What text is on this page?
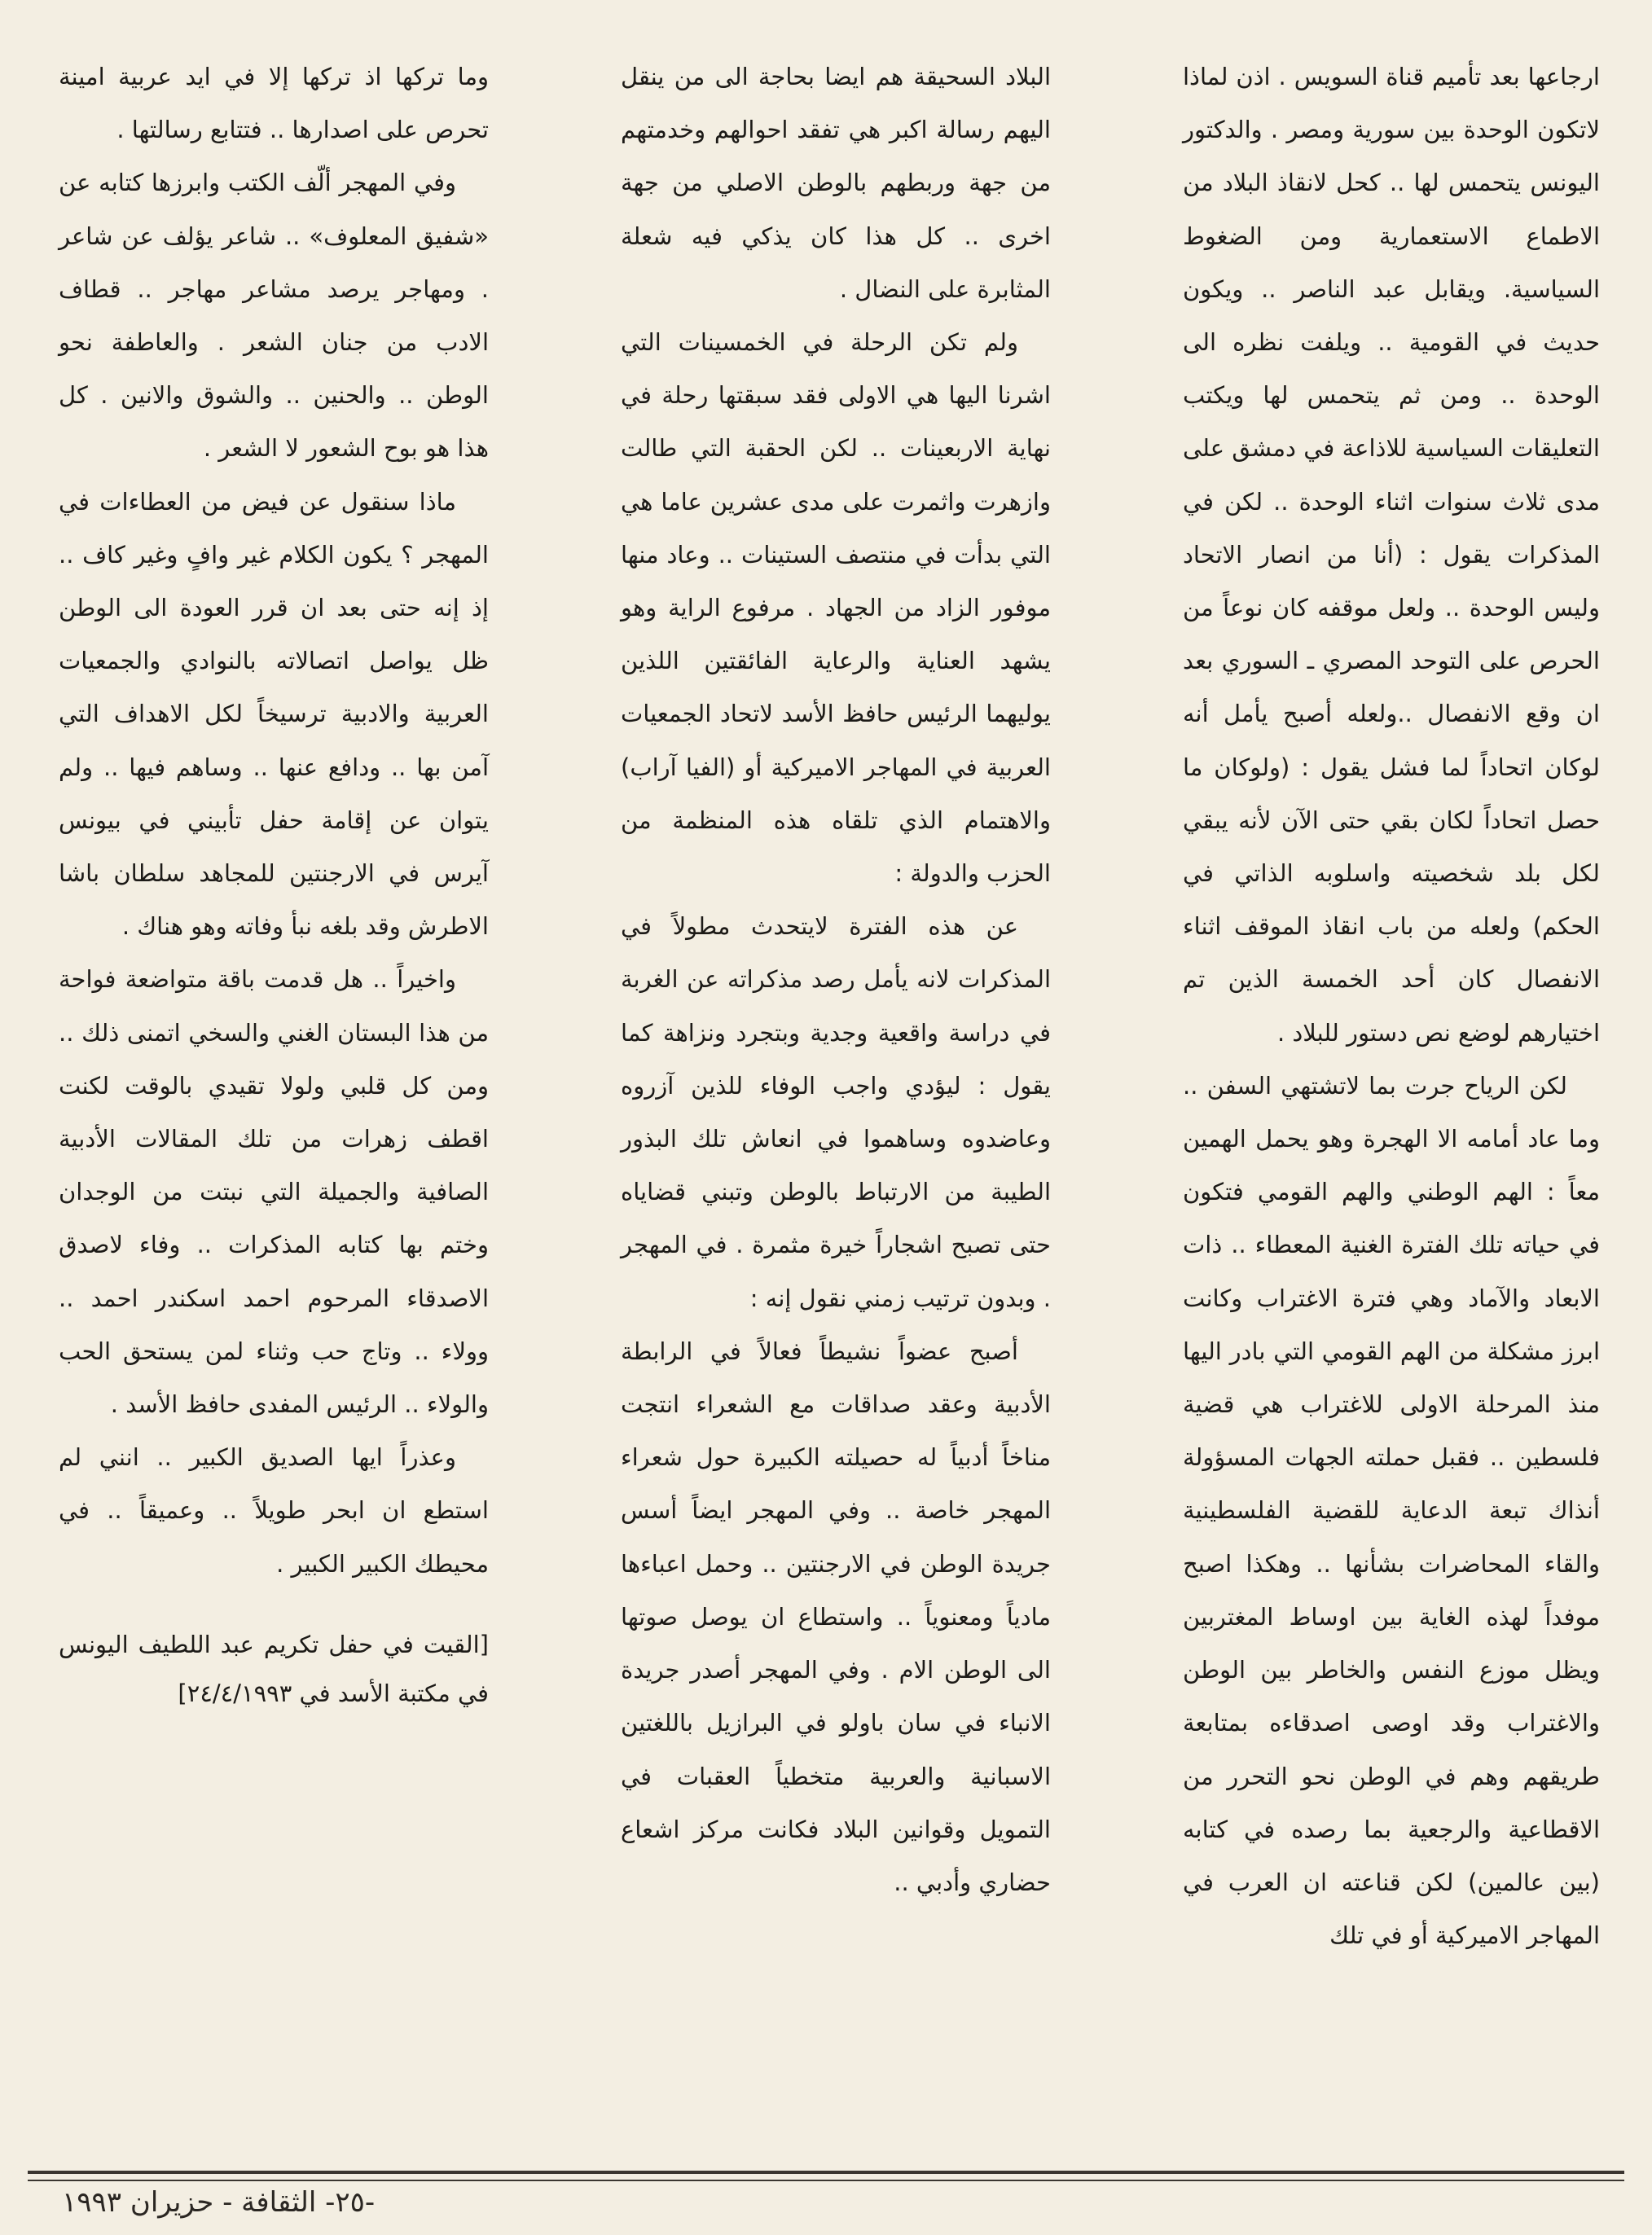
ارجاعها بعد تأميم قناة السويس . اذن لماذا لاتكون الوحدة بين سورية ومصر . والدكتور اليونس يتحمس لها .. كحل لانقاذ البلاد من الاطماع الاستعمارية ومن الضغوط السياسية. ويقابل عبد الناصر .. ويكون حديث في القومية .. ويلفت نظره الى الوحدة .. ومن ثم يتحمس لها ويكتب التعليقات السياسية للاذاعة في دمشق على مدى ثلاث سنوات اثناء الوحدة .. لكن في المذكرات يقول : (أنا من انصار الاتحاد وليس الوحدة .. ولعل موقفه كان نوعاً من الحرص على التوحد المصري ـ السوري بعد ان وقع الانفصال ..ولعله أصبح يأمل أنه لوكان اتحاداً لما فشل يقول : (ولوكان ما حصل اتحاداً لكان بقي حتى الآن لأنه يبقي لكل بلد شخصيته واسلوبه الذاتي في الحكم) ولعله من باب انقاذ الموقف اثناء الانفصال كان أحد الخمسة الذين تم اختيارهم لوضع نص دستور للبلاد .

لكن الرياح جرت بما لاتشتهي السفن .. وما عاد أمامه الا الهجرة وهو يحمل الهمين معاً : الهم الوطني والهم القومي فتكون في حياته تلك الفترة الغنية المعطاء .. ذات الابعاد والآماد وهي فترة الاغتراب وكانت ابرز مشكلة من الهم القومي التي بادر اليها منذ المرحلة الاولى للاغتراب هي قضية فلسطين .. فقبل حملته الجهات المسؤولة أنذاك تبعة الدعاية للقضية الفلسطينية والقاء المحاضرات بشأنها .. وهكذا اصبح موفداً لهذه الغاية بين اوساط المغتربين ويظل موزع النفس والخاطر بين الوطن والاغتراب وقد اوصى اصدقاءه بمتابعة طريقهم وهم في الوطن نحو التحرر من الاقطاعية والرجعية بما رصده في كتابه (بين عالمين) لكن قناعته ان العرب في المهاجر الاميركية أو في تلك

البلاد السحيقة هم ايضا بحاجة الى من ينقل اليهم رسالة اكبر هي تفقد احوالهم وخدمتهم من جهة وربطهم بالوطن الاصلي من جهة اخرى .. كل هذا كان يذكي فيه شعلة المثابرة على النضال .

ولم تكن الرحلة في الخمسينات التي اشرنا اليها هي الاولى فقد سبقتها رحلة في نهاية الاربعينات .. لكن الحقبة التي طالت وازهرت واثمرت على مدى عشرين عاما هي التي بدأت في منتصف الستينات .. وعاد منها موفور الزاد من الجهاد . مرفوع الراية وهو يشهد العناية والرعاية الفائقتين اللذين يوليهما الرئيس حافظ الأسد لاتحاد الجمعيات العربية في المهاجر الاميركية أو (الفيا آراب) والاهتمام الذي تلقاه هذه المنظمة من الحزب والدولة :

عن هذه الفترة لايتحدث مطولاً في المذكرات لانه يأمل رصد مذكراته عن الغربة في دراسة واقعية وجدية وبتجرد ونزاهة كما يقول : ليؤدي واجب الوفاء للذين آزروه وعاضدوه وساهموا في انعاش تلك البذور الطيبة من الارتباط بالوطن وتبني قضاياه حتى تصبح اشجاراً خيرة مثمرة . في المهجر . وبدون ترتيب زمني نقول إنه :

أصبح عضواً نشيطاً فعالاً في الرابطة الأدبية وعقد صداقات مع الشعراء انتجت مناخاً أدبياً له حصيلته الكبيرة حول شعراء المهجر خاصة .. وفي المهجر ايضاً أسس جريدة الوطن في الارجنتين .. وحمل اعباءها مادياً ومعنوياً .. واستطاع ان يوصل صوتها الى الوطن الام . وفي المهجر أصدر جريدة الانباء في سان باولو في البرازيل باللغتين الاسبانية والعربية متخطياً العقبات في التمويل وقوانين البلاد فكانت مركز اشعاع حضاري وأدبي ..

وما تركها اذ تركها إلا في ايد عربية امينة تحرص على اصدارها .. فتتابع رسالتها .

وفي المهجر ألّف الكتب وابرزها كتابه عن «شفيق المعلوف» .. شاعر يؤلف عن شاعر . ومهاجر يرصد مشاعر مهاجر .. قطاف الادب من جنان الشعر . والعاطفة نحو الوطن .. والحنين .. والشوق والانين . كل هذا هو بوح الشعور لا الشعر .

ماذا سنقول عن فيض من العطاءات في المهجر ؟ يكون الكلام غير وافٍ وغير كاف .. إذ إنه حتى بعد ان قرر العودة الى الوطن ظل يواصل اتصالاته بالنوادي والجمعيات العربية والادبية ترسيخاً لكل الاهداف التي آمن بها .. ودافع عنها .. وساهم فيها .. ولم يتوان عن إقامة حفل تأبيني في بيونس آيرس في الارجنتين للمجاهد سلطان باشا الاطرش وقد بلغه نبأ وفاته وهو هناك .

واخيراً .. هل قدمت باقة متواضعة فواحة من هذا البستان الغني والسخي اتمنى ذلك .. ومن كل قلبي ولولا تقيدي بالوقت لكنت اقطف زهرات من تلك المقالات الأدبية الصافية والجميلة التي نبتت من الوجدان وختم بها كتابه المذكرات .. وفاء لاصدق الاصدقاء المرحوم احمد اسكندر احمد .. وولاء .. وتاج حب وثناء لمن يستحق الحب والولاء .. الرئيس المفدى حافظ الأسد .

وعذراً ايها الصديق الكبير .. انني لم استطع ان ابحر طويلاً .. وعميقاً .. في محيطك الكبير الكبير .

[القيت في حفل تكريم عبد اللطيف اليونس في مكتبة الأسد في ٢٤/٤/١٩٩٣]

-٢٥- الثقافة - حزيران ١٩٩٣
